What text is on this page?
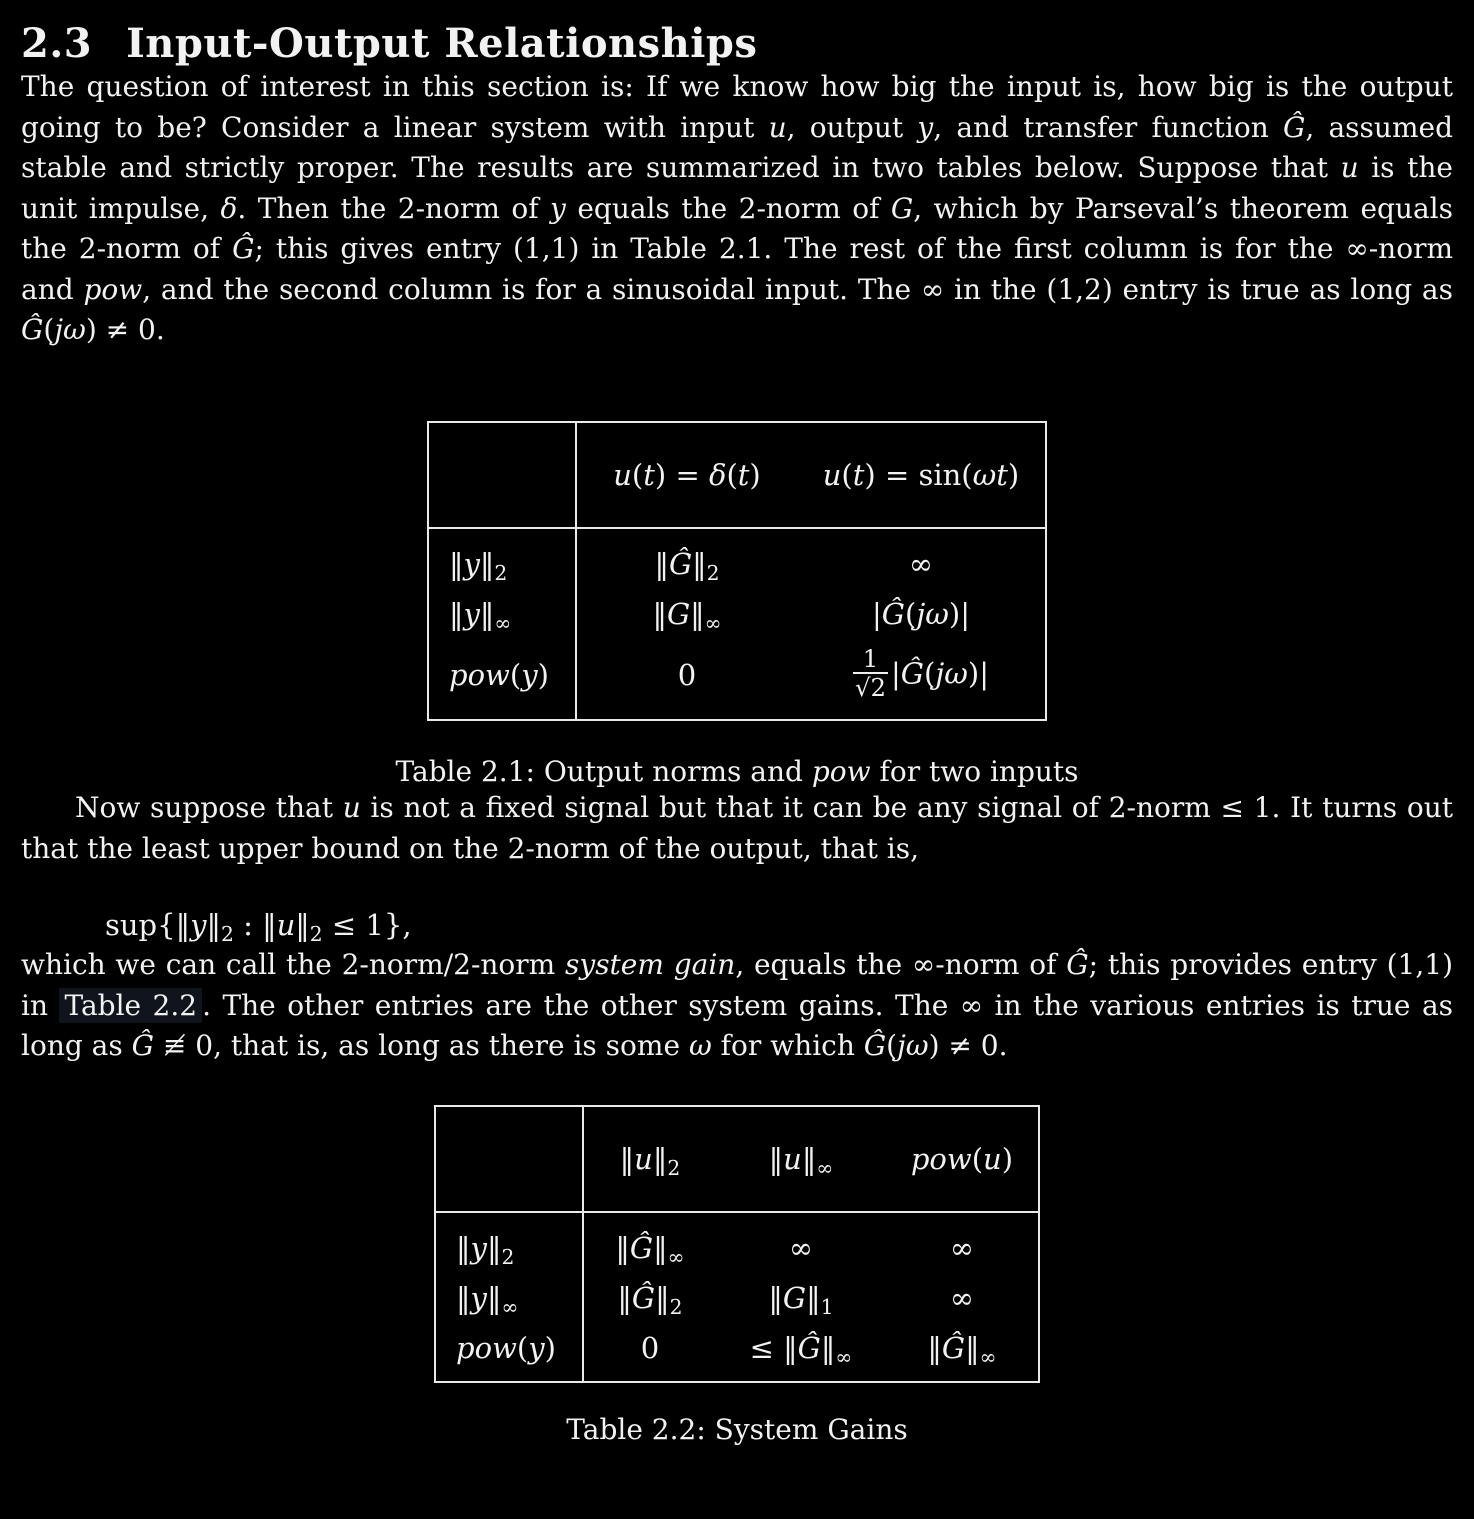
2.3 Input-Output Relationships

The question of interest in this section is: If we know how big the input is, how big is the output going to be? Consider a linear system with input u, output y, and transfer function Ĝ, assumed stable and strictly proper. The results are summarized in two tables below. Suppose that u is the unit impulse, δ. Then the 2-norm of y equals the 2-norm of G, which by Parseval’s theorem equals the 2-norm of Ĝ; this gives entry (1,1) in Table 2.1. The rest of the first column is for the ∞-norm and pow, and the second column is for a sinusoidal input. The ∞ in the (1,2) entry is true as long as Ĝ(jω) ≠ 0.

	u(t) = δ(t)	u(t) = sin(ωt)
$‖y‖_2$	$‖Ĝ‖_2$	∞
$‖y‖_\infty$	$‖G‖_\infty$	|Ĝ(jω)|
pow(y)	0	$\frac{1}{√2}$ |Ĝ(jω)|
Table 2.1: Output norms and pow for two inputs

Now suppose that u is not a fixed signal but that it can be any signal of 2-norm ≤ 1. It turns out that the least upper bound on the 2-norm of the output, that is,

$sup\{‖y‖_2$ : $‖u‖_2 \le 1$},

which we can call the 2-norm/2-norm system gain, equals the ∞-norm of Ĝ; this provides entry (1,1) in Table 2.2 . The other entries are the other system gains. The ∞ in the various entries is true as long as Ĝ ≢ 0, that is, as long as there is some ω for which Ĝ(jω) ≠ 0.

	$‖u‖_2$	$‖u‖_\infty$	pow(u)
$‖y‖_2$	$‖Ĝ‖_\infty$	∞	∞
$‖y‖_\infty$	$‖Ĝ‖_2$	$‖G‖_1$	∞
pow(y)	0	≤ $‖Ĝ‖_\infty$	$‖Ĝ‖_\infty$
Table 2.2: System Gains
